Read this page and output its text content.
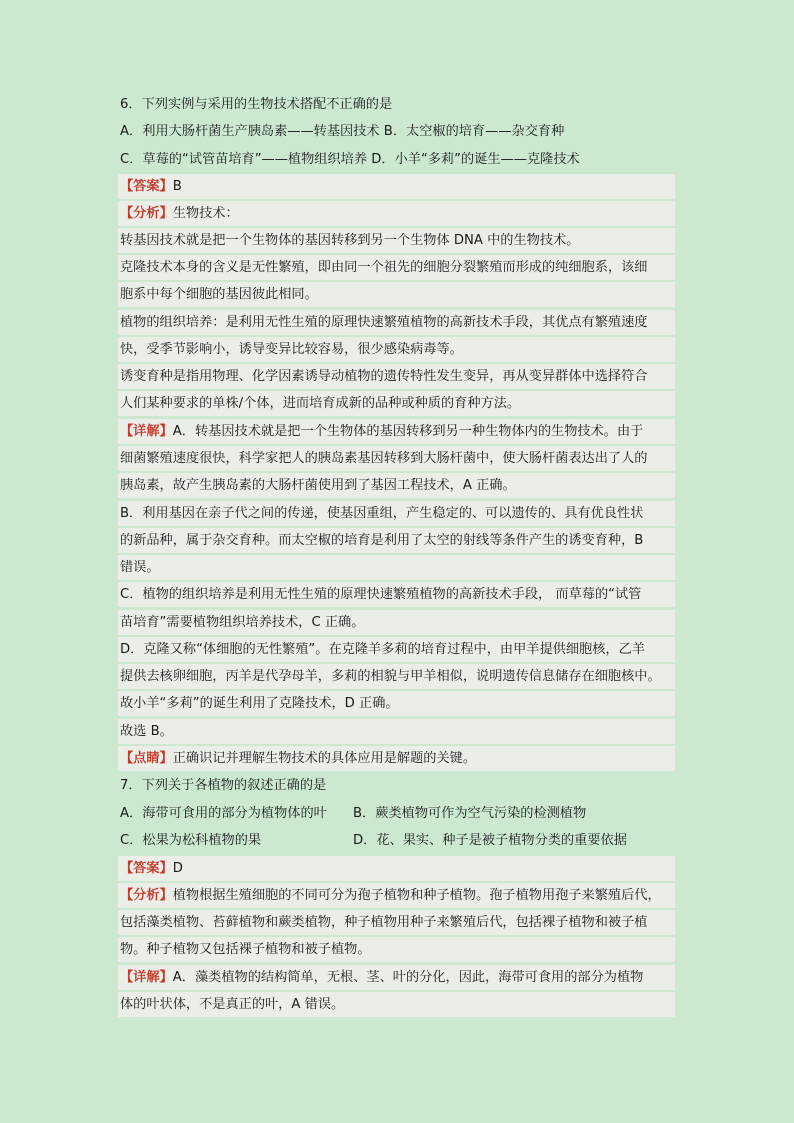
6．下列实例与采用的生物技术搭配不正确的是
A．利用大肠杆菌生产胰岛素——转基因技术 B．太空椒的培育——杂交育种
C．草莓的“试管苗培育”——植物组织培养 D．小羊“多莉”的诞生——克隆技术
【答案】B
【分析】生物技术：
转基因技术就是把一个生物体的基因转移到另一个生物体 DNA 中的生物技术。
克隆技术本身的含义是无性繁殖，即由同一个祖先的细胞分裂繁殖而形成的纯细胞系，该细
胞系中每个细胞的基因彼此相同。
植物的组织培养：是利用无性生殖的原理快速繁殖植物的高新技术手段，其优点有繁殖速度
快，受季节影响小，诱导变异比较容易，很少感染病毒等。
诱变育种是指用物理、化学因素诱导动植物的遗传特性发生变异，再从变异群体中选择符合
人们某种要求的单株/个体，进而培育成新的品种或种质的育种方法。
【详解】A．转基因技术就是把一个生物体的基因转移到另一种生物体内的生物技术。由于
细菌繁殖速度很快，科学家把人的胰岛素基因转移到大肠杆菌中，使大肠杆菌表达出了人的
胰岛素，故产生胰岛素的大肠杆菌使用到了基因工程技术，A 正确。
B．利用基因在亲子代之间的传递，使基因重组，产生稳定的、可以遗传的、具有优良性状
的新品种，属于杂交育种。而太空椒的培育是利用了太空的射线等条件产生的诱变育种，B
错误。
C．植物的组织培养是利用无性生殖的原理快速繁殖植物的高新技术手段， 而草莓的“试管
苗培育”需要植物组织培养技术，C 正确。
D．克隆又称“体细胞的无性繁殖”。在克隆羊多莉的培育过程中，由甲羊提供细胞核，乙羊
提供去核卵细胞，丙羊是代孕母羊，多莉的相貌与甲羊相似，说明遗传信息储存在细胞核中。
故小羊“多莉”的诞生利用了克隆技术，D 正确。
故选 B。
【点睛】正确识记并理解生物技术的具体应用是解题的关键。
7．下列关于各植物的叙述正确的是
A．海带可食用的部分为植物体的叶 B．蕨类植物可作为空气污染的检测植物
C．松果为松科植物的果	D．花、果实、种子是被子植物分类的重要依据
【答案】D
【分析】植物根据生殖细胞的不同可分为孢子植物和种子植物。孢子植物用孢子来繁殖后代，
包括藻类植物、苔藓植物和蕨类植物，种子植物用种子来繁殖后代，包括裸子植物和被子植
物。种子植物又包括裸子植物和被子植物。
【详解】A．藻类植物的结构简单，无根、茎、叶的分化，因此，海带可食用的部分为植物
体的叶状体，不是真正的叶，A 错误。
